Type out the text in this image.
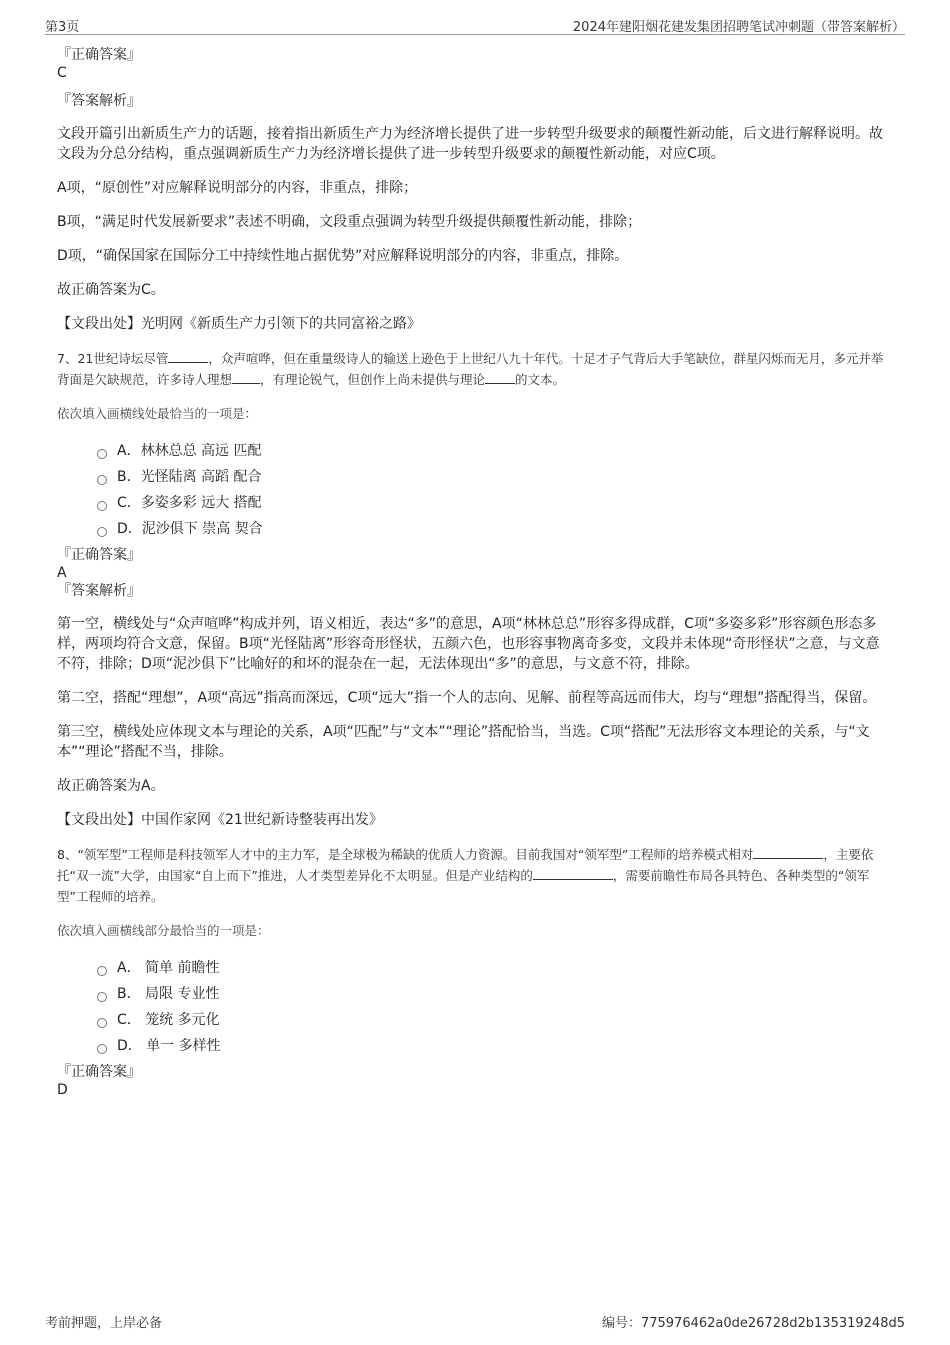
第3页	2024年建阳烟花建发集团招聘笔试冲刺题（带答案解析）

『正确答案』

C

『答案解析』

文段开篇引出新质生产力的话题，接着指出新质生产力为经济增长提供了进一步转型升级要求的颠覆性新动能，后文进行解释说明。故文段为分总分结构，重点强调新质生产力为经济增长提供了进一步转型升级要求的颠覆性新动能，对应C项。

A项，“原创性”对应解释说明部分的内容，非重点，排除；

B项，“满足时代发展新要求”表述不明确，文段重点强调为转型升级提供颠覆性新动能，排除；

D项，“确保国家在国际分工中持续性地占据优势”对应解释说明部分的内容，非重点，排除。

故正确答案为C。

【文段出处】光明网《新质生产力引领下的共同富裕之路》

7、21世纪诗坛尽管	，众声喧哗，但在重量级诗人的输送上逊色于上世纪八九十年代。十足才子气背后大手笔缺位，群星闪烁而无月，多元并举背面是欠缺规范，许多诗人理想 ，有理论锐气，但创作上尚未提供与理论 的文本。

依次填入画横线处最恰当的一项是：

A．林林总总 高远 匹配
B．光怪陆离 高蹈 配合
C．多姿多彩 远大 搭配
D．泥沙俱下 崇高 契合

『正确答案』

A

『答案解析』

第一空，横线处与“众声喧哗”构成并列，语义相近，表达“多”的意思，A项“林林总总”形容多得成群，C项“多姿多彩”形容颜色形态多样，两项均符合文意，保留。B项“光怪陆离”形容奇形怪状，五颜六色，也形容事物离奇多变，文段并未体现“奇形怪状”之意，与文意不符，排除；D项“泥沙俱下”比喻好的和坏的混杂在一起，无法体现出“多”的意思，与文意不符，排除。

第二空，搭配“理想”，A项“高远”指高而深远，C项“远大”指一个人的志向、见解、前程等高远而伟大，均与“理想”搭配得当，保留。

第三空，横线处应体现文本与理论的关系，A项“匹配”与“文本”“理论”搭配恰当，当选。C项“搭配”无法形容文本理论的关系，与“文本”“理论”搭配不当，排除。

故正确答案为A。

【文段出处】中国作家网《21世纪新诗整装再出发》

8、“领军型”工程师是科技领军人才中的主力军，是全球极为稀缺的优质人力资源。目前我国对“领军型”工程师的培养模式相对	，主要依托“双一流”大学，由国家“自上而下”推进，人才类型差异化不太明显。但是产业结构的	，需要前瞻性布局各具特色、各种类型的“领军型”工程师的培养。

依次填入画横线部分最恰当的一项是：

A． 简单 前瞻性
B． 局限 专业性
C． 笼统 多元化
D． 单一 多样性

『正确答案』

D

考前押题，上岸必备	编号：775976462a0de26728d2b135319248d5
